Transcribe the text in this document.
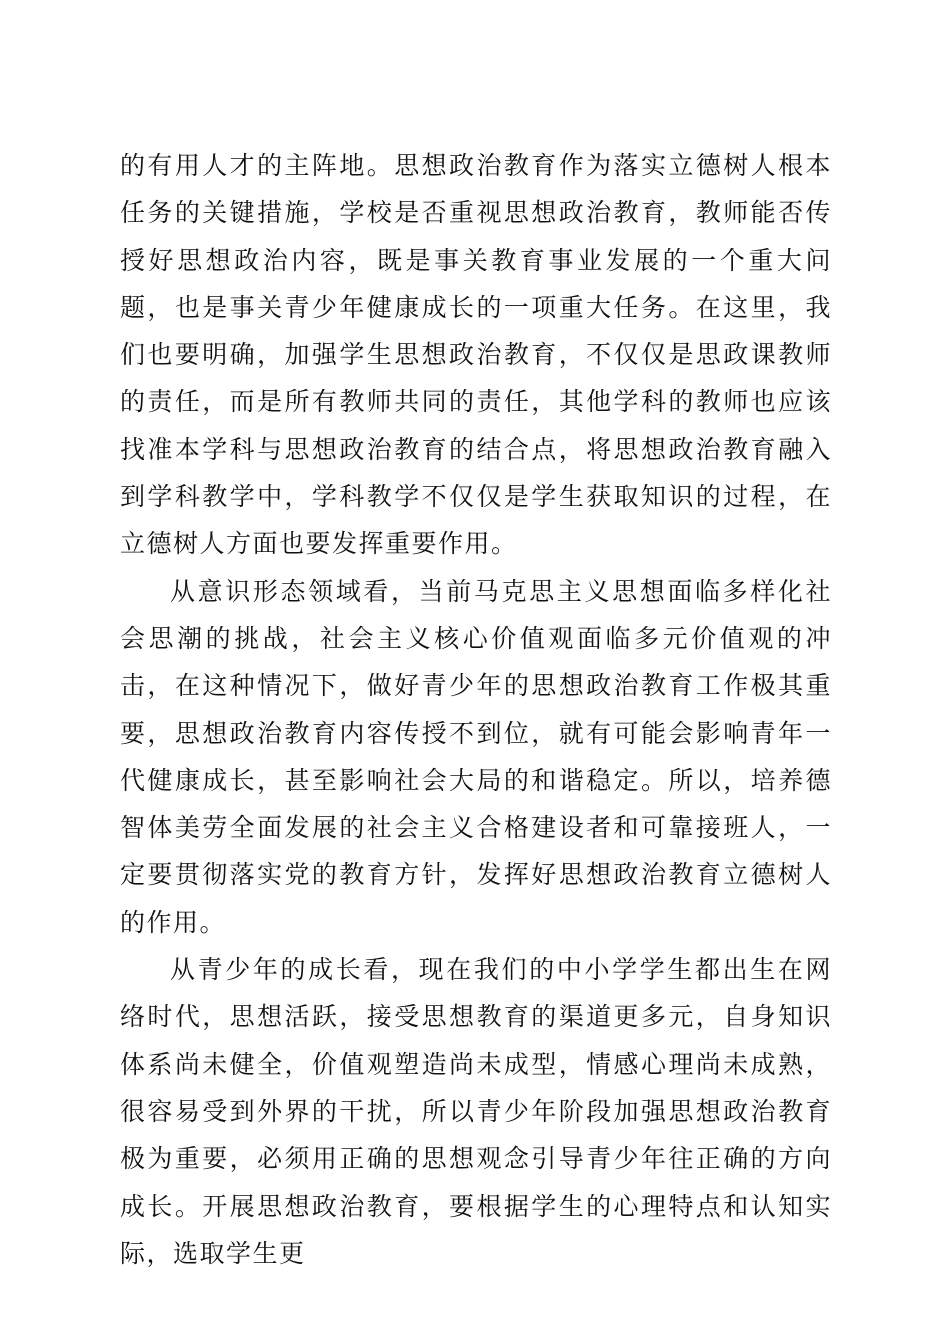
的有用人才的主阵地。思想政治教育作为落实立德树人根本任务的关键措施，学校是否重视思想政治教育，教师能否传授好思想政治内容，既是事关教育事业发展的一个重大问题，也是事关青少年健康成长的一项重大任务。在这里，我们也要明确，加强学生思想政治教育，不仅仅是思政课教师的责任，而是所有教师共同的责任，其他学科的教师也应该找准本学科与思想政治教育的结合点，将思想政治教育融入到学科教学中，学科教学不仅仅是学生获取知识的过程，在立德树人方面也要发挥重要作用。

从意识形态领域看，当前马克思主义思想面临多样化社会思潮的挑战，社会主义核心价值观面临多元价值观的冲击，在这种情况下，做好青少年的思想政治教育工作极其重要，思想政治教育内容传授不到位，就有可能会影响青年一代健康成长，甚至影响社会大局的和谐稳定。所以，培养德智体美劳全面发展的社会主义合格建设者和可靠接班人，一定要贯彻落实党的教育方针，发挥好思想政治教育立德树人的作用。

从青少年的成长看，现在我们的中小学学生都出生在网络时代，思想活跃，接受思想教育的渠道更多元，自身知识体系尚未健全，价值观塑造尚未成型，情感心理尚未成熟，很容易受到外界的干扰，所以青少年阶段加强思想政治教育极为重要，必须用正确的思想观念引导青少年往正确的方向成长。开展思想政治教育，要根据学生的心理特点和认知实际，选取学生更
